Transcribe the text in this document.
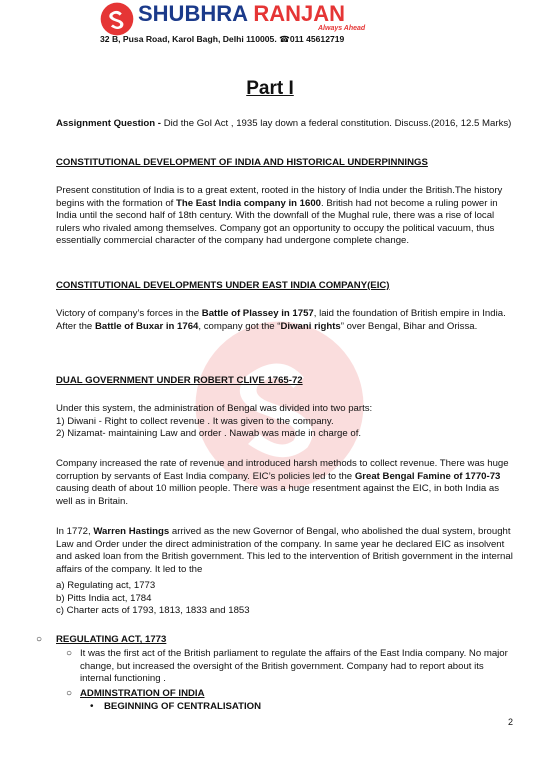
SHUBHRA RANJAN
Always Ahead
32 B, Pusa Road, Karol Bagh, Delhi 110005. ☎011 45612719
Part I

Assignment Question - Did the GoI Act , 1935 lay down a federal constitution. Discuss.(2016, 12.5 Marks)

CONSTITUTIONAL DEVELOPMENT OF INDIA AND HISTORICAL UNDERPINNINGS

Present constitution of India is to a great extent, rooted in the history of India under the British.The history begins with the formation of The East India company in 1600. British had not become a ruling power in India until the second half of 18th century. With the downfall of the Mughal rule, there was a rise of local rulers who rivaled among themselves. Company got an opportunity to occupy the political vacuum, thus essentially commercial character of the company had undergone complete change.

CONSTITUTIONAL DEVELOPMENTS UNDER EAST INDIA COMPANY(EIC)

Victory of company’s forces in the Battle of Plassey in 1757, laid the foundation of British empire in India. After the Battle of Buxar in 1764, company got the “Diwani rights” over Bengal, Bihar and Orissa.

DUAL GOVERNMENT UNDER ROBERT CLIVE 1765-72

Under this system, the administration of Bengal was divided into two parts:
1) Diwani - Right to collect revenue . It was given to the company.
2) Nizamat- maintaining Law and order . Nawab was made in charge of.

Company increased the rate of revenue and introduced harsh methods to collect revenue. There was huge corruption by servants of East India company. EIC’s policies led to the Great Bengal Famine of 1770-73 causing death of about 10 million people. There was a huge resentment against the EIC, in both India as well as in Britain.

In 1772, Warren Hastings arrived as the new Governor of Bengal, who abolished the dual system, brought Law and Order under the direct administration of the company. In same year he declared EIC as insolvent and asked loan from the British government. This led to the intervention of British government in the internal affairs of the company. It led to the

a) Regulating act, 1773
b) Pitts India act, 1784
c) Charter acts of 1793, 1813, 1833 and 1853
○ REGULATING ACT, 1773
○ It was the first act of the British parliament to regulate the affairs of the East India company. No major change, but increased the oversight of the British government. Company had to report about its internal functioning .
○ ADMINSTRATION OF INDIA
• BEGINNING OF CENTRALISATION
2
